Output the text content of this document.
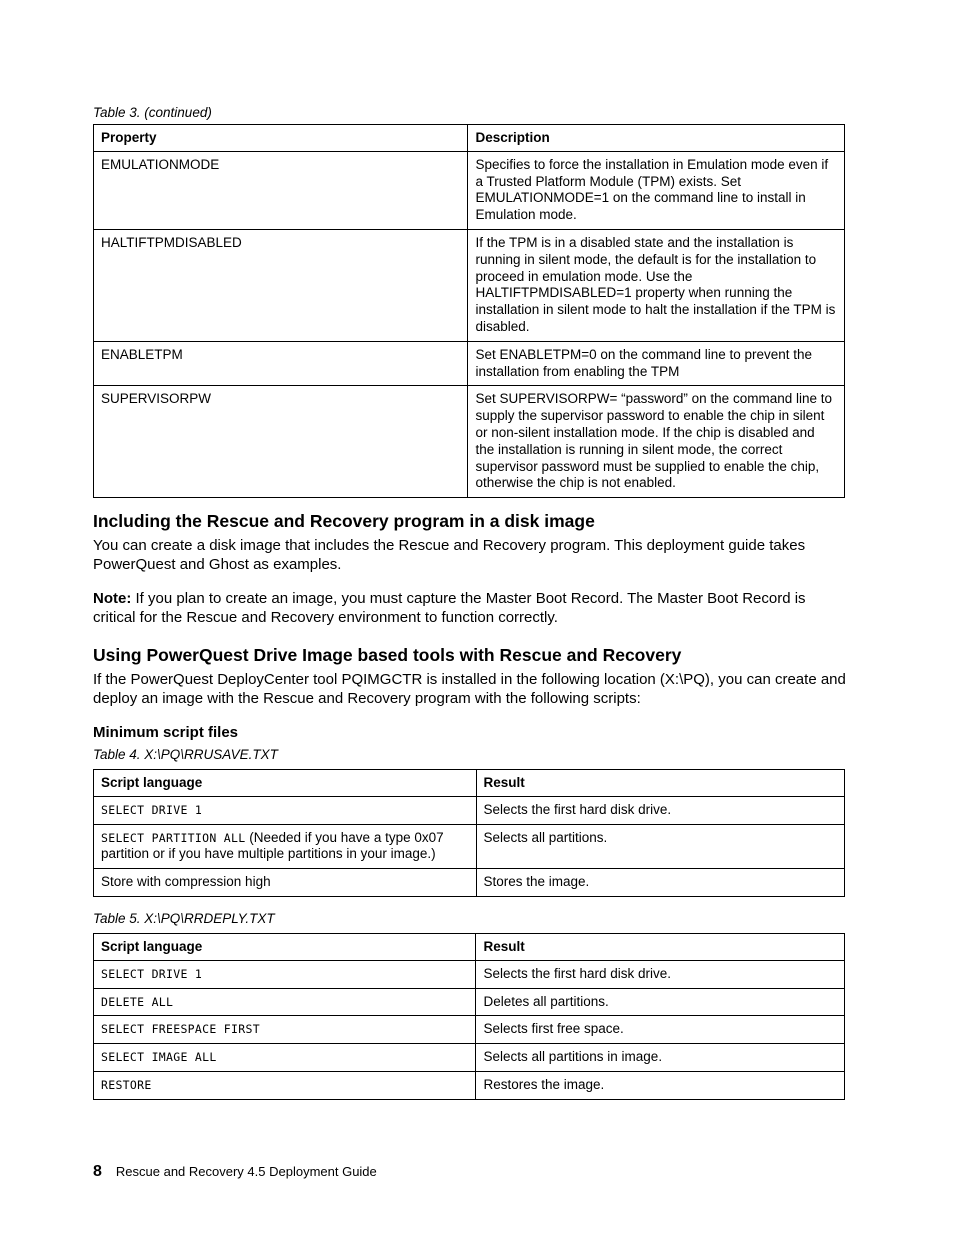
Table 3. (continued)
Property	Description
EMULATIONMODE	Specifies to force the installation in Emulation mode even if a Trusted Platform Module (TPM) exists. Set EMULATIONMODE=1 on the command line to install in Emulation mode.
HALTIFTPMDISABLED	If the TPM is in a disabled state and the installation is running in silent mode, the default is for the installation to proceed in emulation mode. Use the HALTIFTPMDISABLED=1 property when running the installation in silent mode to halt the installation if the TPM is disabled.
ENABLETPM	Set ENABLETPM=0 on the command line to prevent the installation from enabling the TPM
SUPERVISORPW	Set SUPERVISORPW= “password” on the command line to supply the supervisor password to enable the chip in silent or non-silent installation mode. If the chip is disabled and the installation is running in silent mode, the correct supervisor password must be supplied to enable the chip, otherwise the chip is not enabled.
Including the Rescue and Recovery program in a disk image

You can create a disk image that includes the Rescue and Recovery program. This deployment guide takes PowerQuest and Ghost as examples.

Note: If you plan to create an image, you must capture the Master Boot Record. The Master Boot Record is critical for the Rescue and Recovery environment to function correctly.

Using PowerQuest Drive Image based tools with Rescue and Recovery

If the PowerQuest DeployCenter tool PQIMGCTR is installed in the following location (X:\PQ), you can create and deploy an image with the Rescue and Recovery program with the following scripts:

Minimum script files
Table 4. X:\PQ\RRUSAVE.TXT
Script language	Result
SELECT DRIVE 1	Selects the first hard disk drive.
SELECT PARTITION ALL (Needed if you have a type 0x07 partition or if you have multiple partitions in your image.)	Selects all partitions.
Store with compression high	Stores the image.
Table 5. X:\PQ\RRDEPLY.TXT
Script language	Result
SELECT DRIVE 1	Selects the first hard disk drive.
DELETE ALL	Deletes all partitions.
SELECT FREESPACE FIRST	Selects first free space.
SELECT IMAGE ALL	Selects all partitions in image.
RESTORE	Restores the image.
8 Rescue and Recovery 4.5 Deployment Guide
